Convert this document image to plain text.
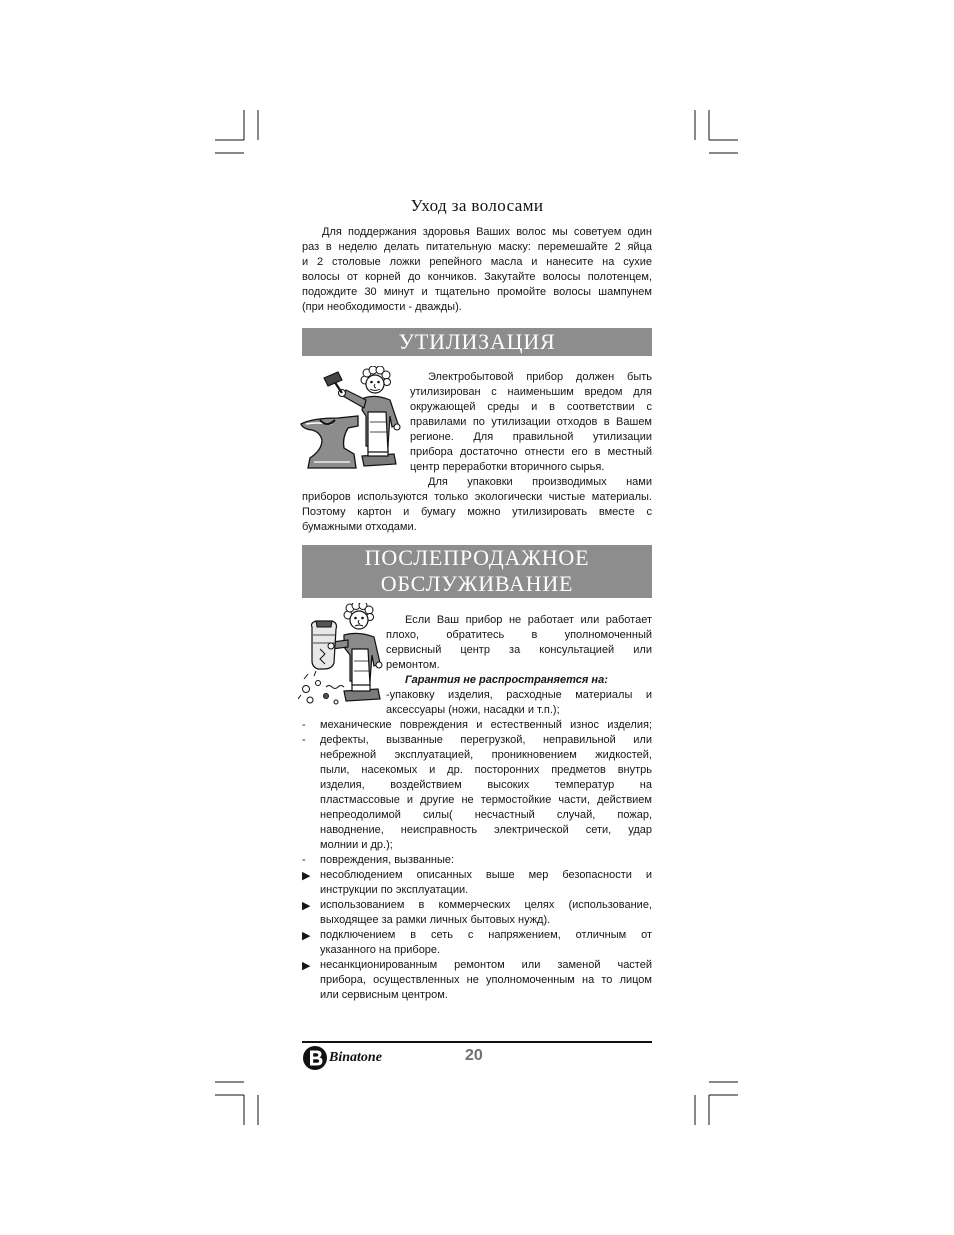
Уход за волосами
Для поддержания здоровья Ваших волос мы советуем один
раз в неделю делать питательную маску: перемешайте 2 яйца
и 2 столовые ложки репейного масла и нанесите на сухие
волосы от корней до кончиков. Закутайте волосы полотенцем,
подождите 30 минут и тщательно промойте волосы шампунем
(при необходимости - дважды).
УТИЛИЗАЦИЯ
Электробытовой прибор должен быть
утилизирован с наименьшим вредом для
окружающей среды и в соответствии с
правилами по утилизации отходов в Вашем
регионе. Для правильной утилизации
прибора достаточно отнести его в местный
центр переработки вторичного сырья.
Для упаковки производимых нами
приборов используются только экологически чистые материалы.
Поэтому картон и бумагу можно утилизировать вместе с
бумажными отходами.
ПОСЛЕПРОДАЖНОЕ
ОБСЛУЖИВАНИЕ
Если Ваш прибор не работает или работает
плохо, обратитесь в уполномоченный
сервисный центр за консультацией или
ремонтом.
Гарантия не распространяется на:
-упаковку изделия, расходные материалы и
аксессуары (ножи, насадки и т.п.);
- механические повреждения и естественный износ изделия;
- дефекты, вызванные перегрузкой, неправильной или
небрежной эксплуатацией, проникновением жидкостей,
пыли, насекомых и др. посторонних предметов внутрь
изделия, воздействием высоких температур на
пластмассовые и другие не термостойкие части, действием
непреодолимой силы( несчастный случай, пожар,
наводнение, неисправность электрической сети, удар
молнии и др.);
- повреждения, вызванные:
▶ несоблюдением описанных выше мер безопасности и
инструкции по эксплуатации.
▶ использованием в коммерческих целях (использование,
выходящее за рамки личных бытовых нужд).
▶ подключением в сеть с напряжением, отличным от
указанного на приборе.
▶ несанкционированным ремонтом или заменой частей
прибора, осуществленных не уполномоченным на то лицом
или сервисным центром.
Binatone	20
